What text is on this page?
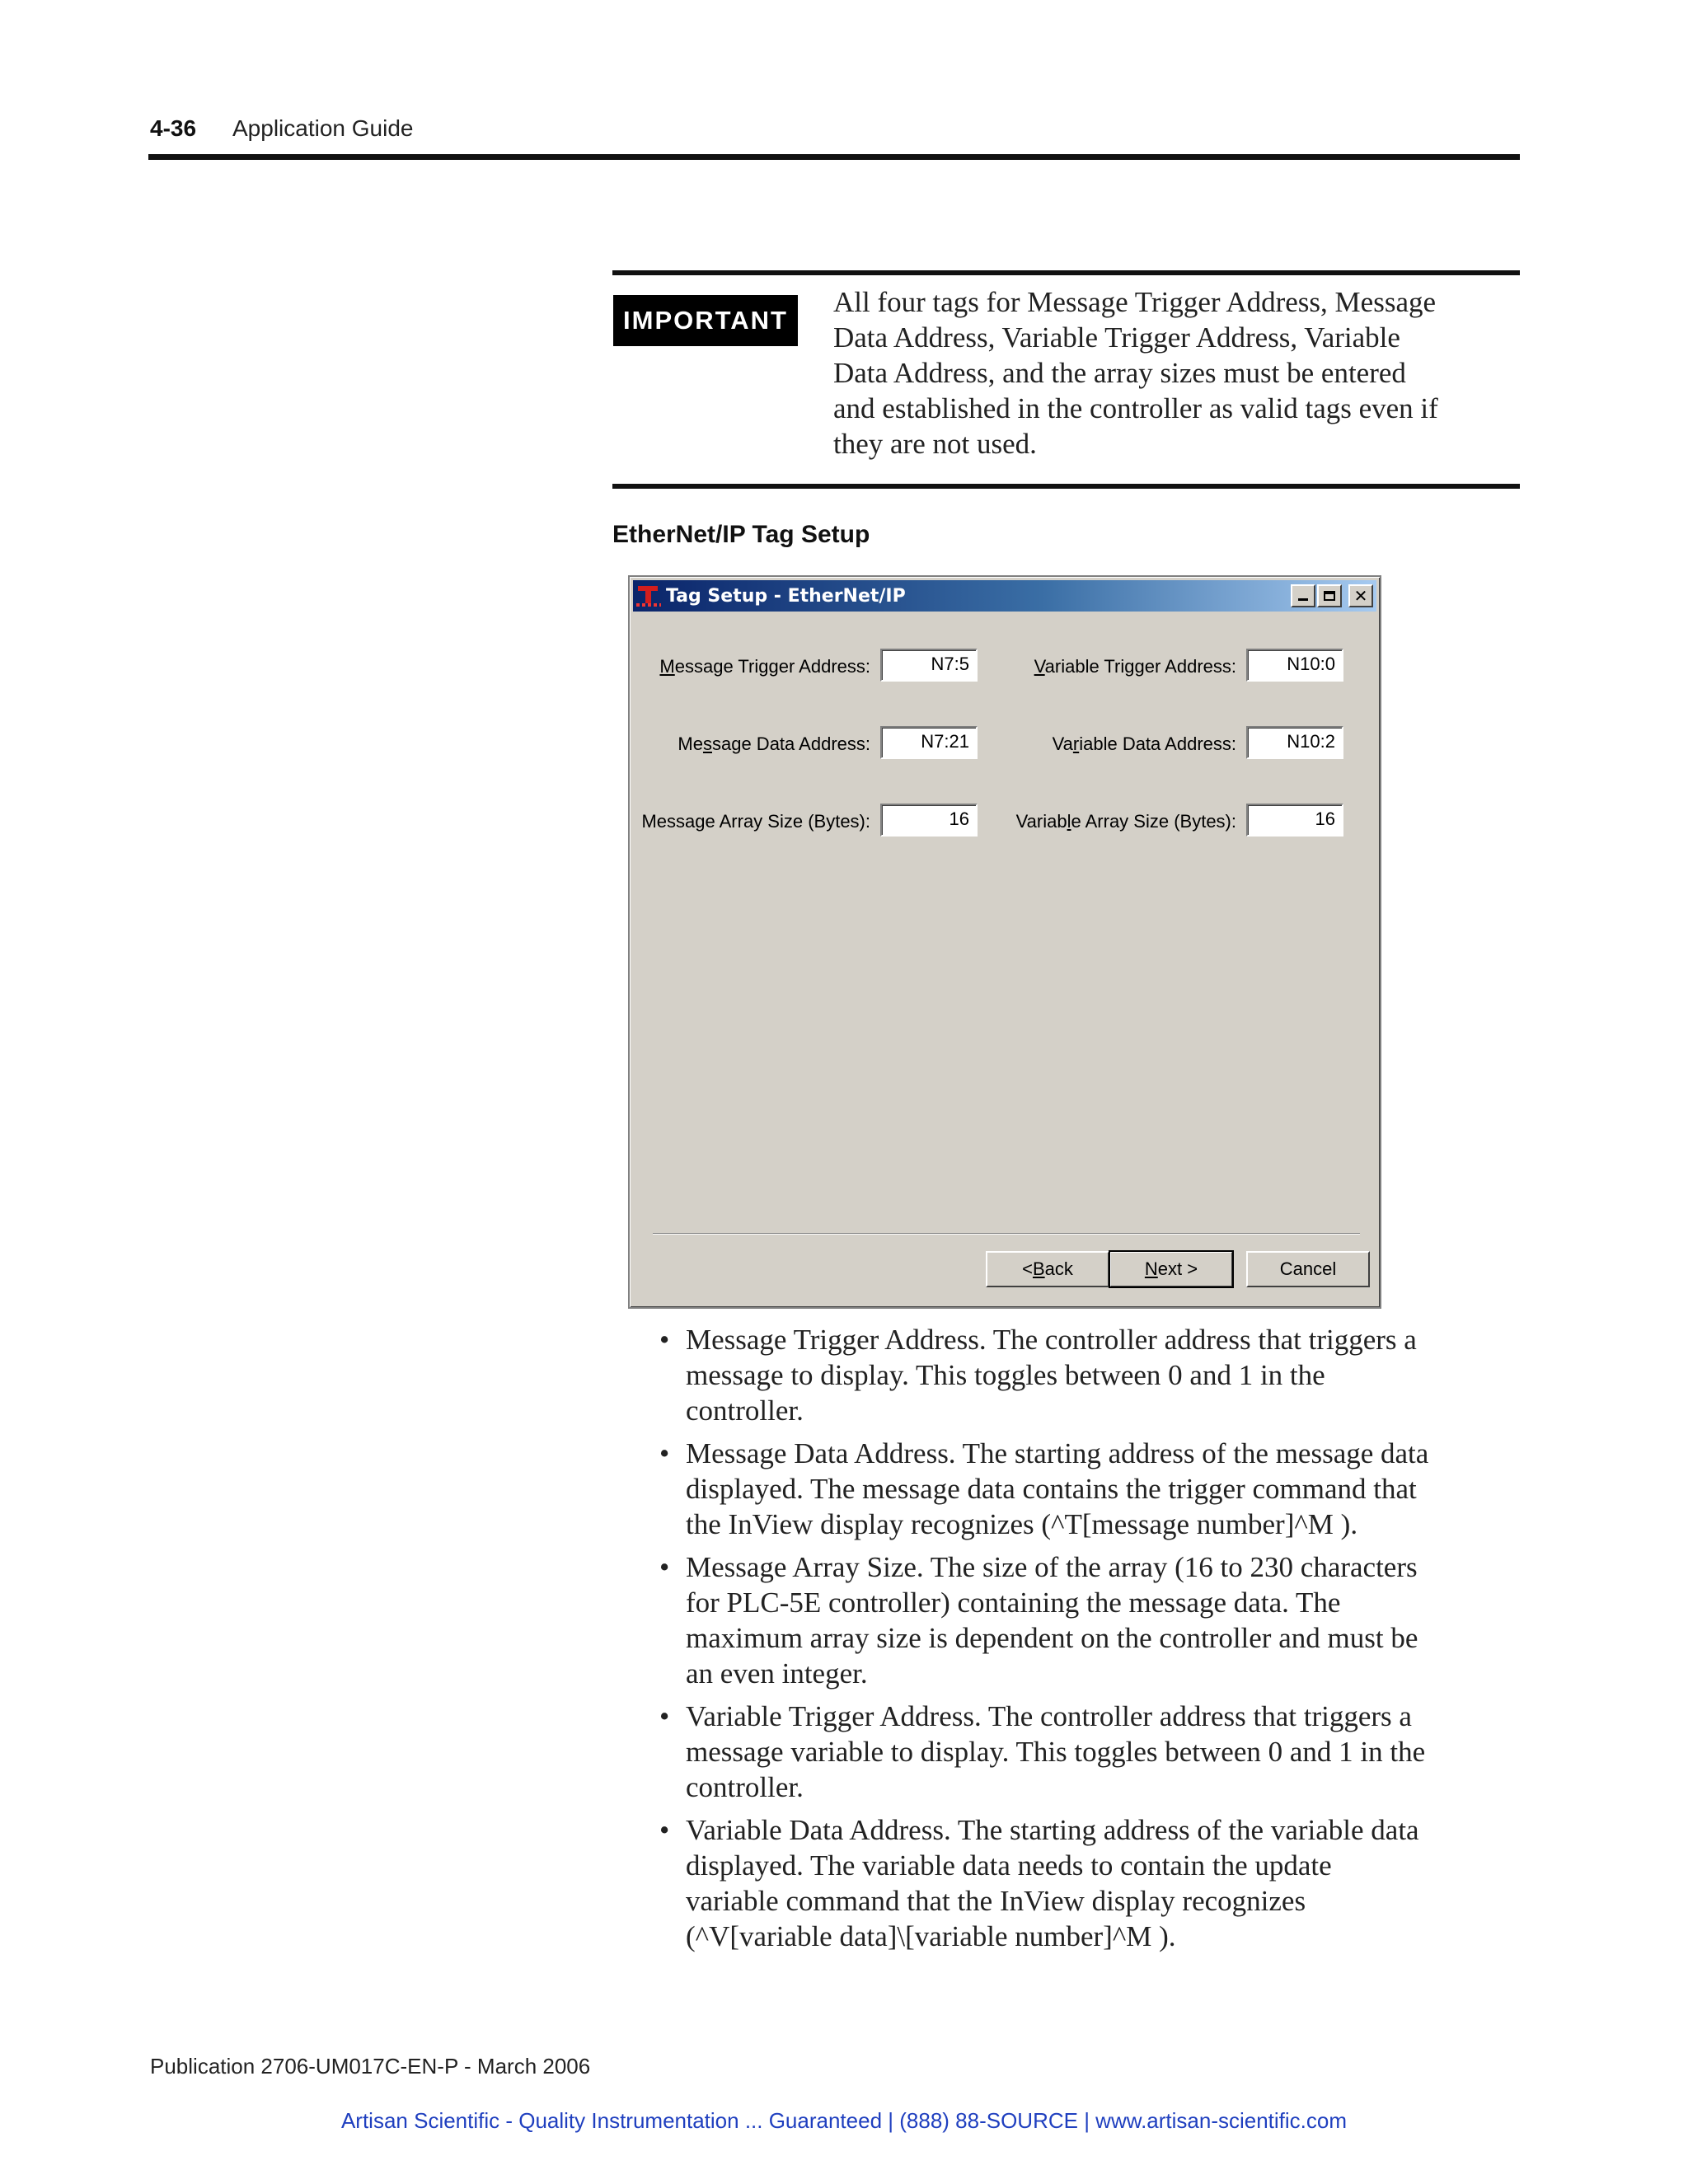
4-36 Application Guide
IMPORTANT
All four tags for Message Trigger Address, Message
Data Address, Variable Trigger Address, Variable
Data Address, and the array sizes must be entered
and established in the controller as valid tags even if
they are not used.
EtherNet/IP Tag Setup
Tag Setup - EtherNet/IP	✕
Message Trigger Address:	N7:5
Message Data Address:	N7:21
Message Array Size (Bytes):	16
Variable Trigger Address:	N10:0
Variable Data Address:	N10:2
Variable Array Size (Bytes):	16
< B ack	N ext >	Cancel
• Message Trigger Address. The controller address that triggers a
message to display. This toggles between 0 and 1 in the
controller.
• Message Data Address. The starting address of the message data
displayed. The message data contains the trigger command that
the InView display recognizes (^T[message number]^M ).
• Message Array Size. The size of the array (16 to 230 characters
for PLC-5E controller) containing the message data. The
maximum array size is dependent on the controller and must be
an even integer.
• Variable Trigger Address. The controller address that triggers a
message variable to display. This toggles between 0 and 1 in the
controller.
• Variable Data Address. The starting address of the variable data
displayed. The variable data needs to contain the update
variable command that the InView display recognizes
(^V[variable data]\[variable number]^M ).
Publication 2706-UM017C-EN-P - March 2006
Artisan Scientific - Quality Instrumentation ... Guaranteed | (888) 88-SOURCE | www.artisan-scientific.com
